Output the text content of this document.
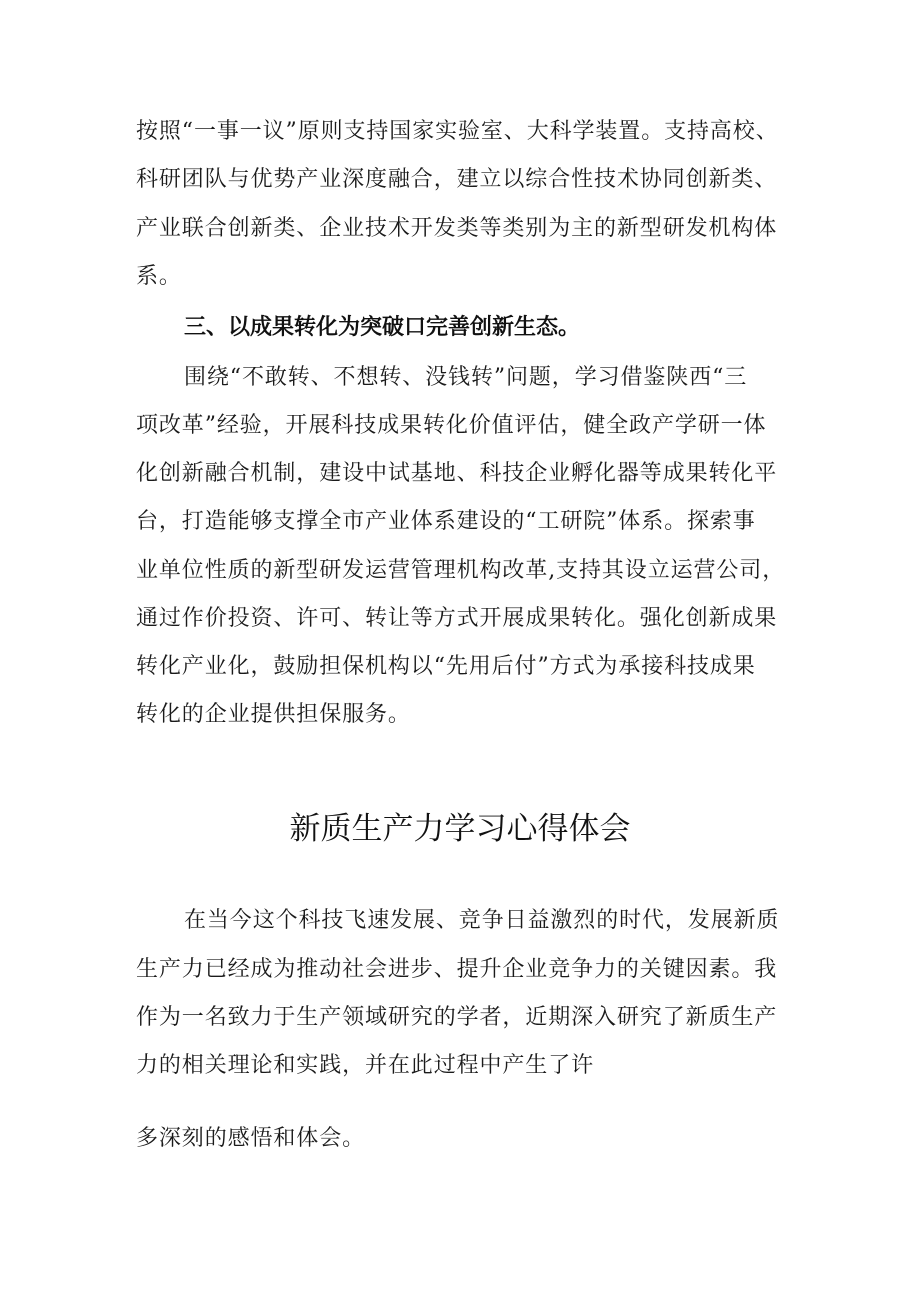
按照“一事一议”原则支持国家实验室、大科学装置。支持高校、

科研团队与优势产业深度融合，建立以综合性技术协同创新类、

产业联合创新类、企业技术开发类等类别为主的新型研发机构体

系。

三、以成果转化为突破口完善创新生态。

围绕“不敢转、不想转、没钱转”问题，学习借鉴陕西“三

项改革”经验，开展科技成果转化价值评估，健全政产学研一体

化创新融合机制，建设中试基地、科技企业孵化器等成果转化平

台，打造能够支撑全市产业体系建设的“工研院”体系。探索事

业单位性质的新型研发运营管理机构改革,支持其设立运营公司，

通过作价投资、许可、转让等方式开展成果转化。强化创新成果

转化产业化，鼓励担保机构以“先用后付”方式为承接科技成果

转化的企业提供担保服务。

新质生产力学习心得体会

在当今这个科技飞速发展、竞争日益激烈的时代，发展新质

生产力已经成为推动社会进步、提升企业竞争力的关键因素。我

作为一名致力于生产领域研究的学者，近期深入研究了新质生产

力的相关理论和实践，并在此过程中产生了许

多深刻的感悟和体会。
